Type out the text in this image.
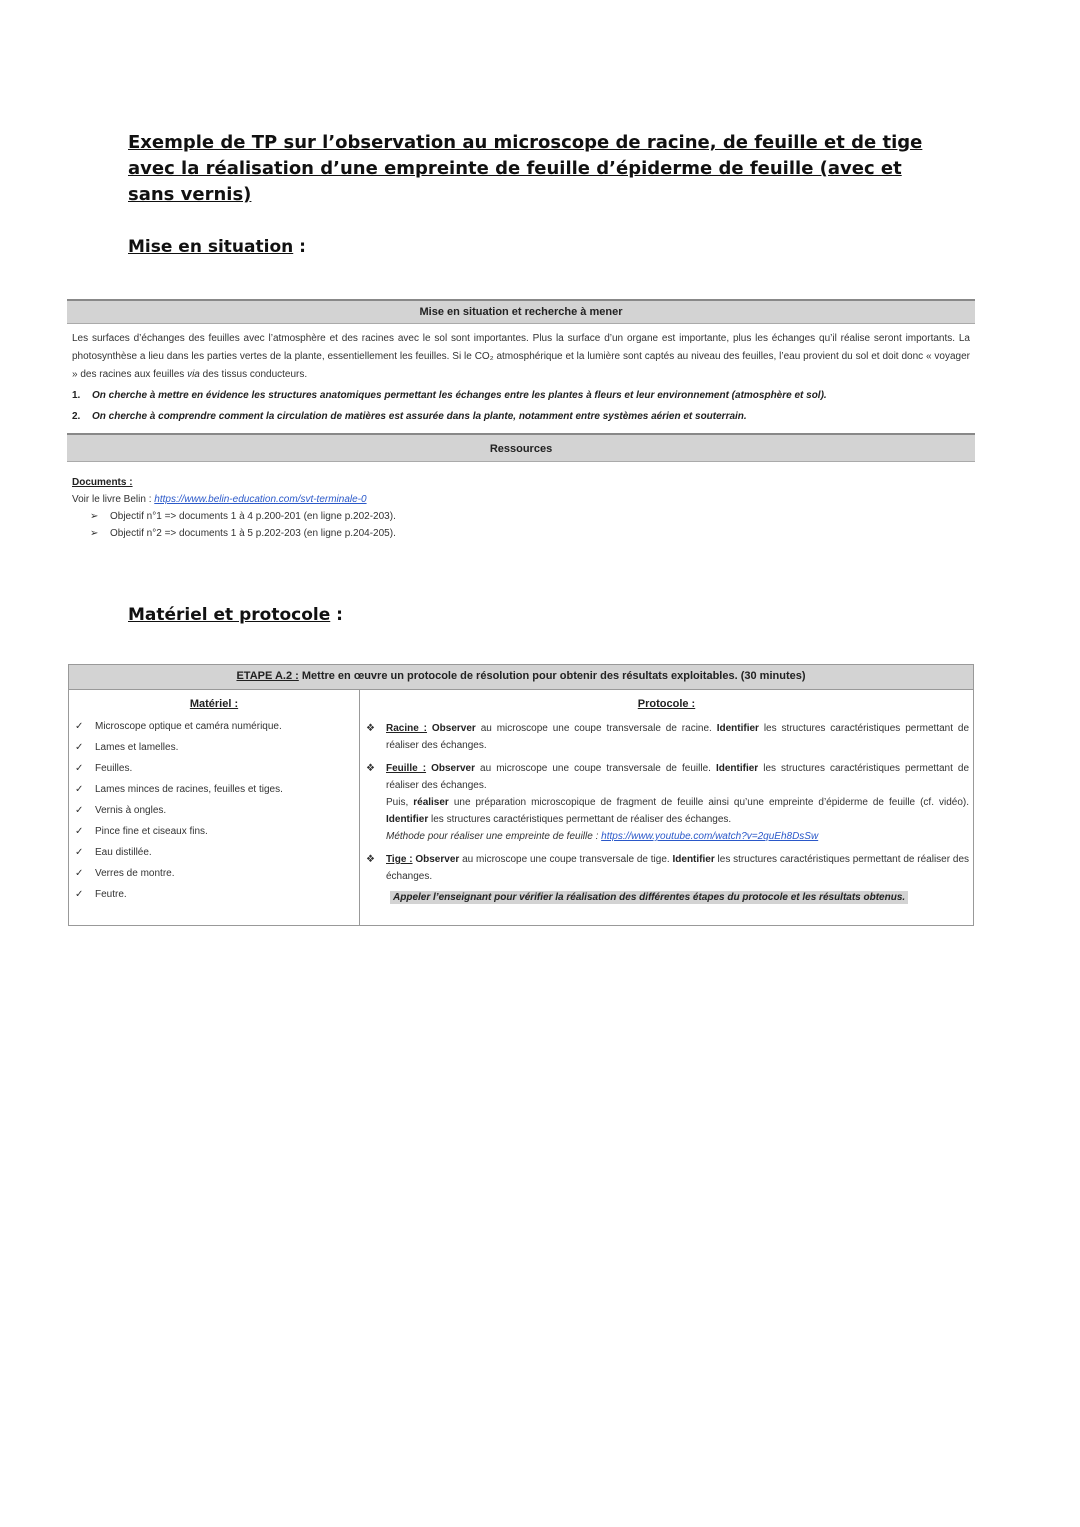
Exemple de TP sur l’observation au microscope de racine, de feuille et de tige avec la réalisation d’une empreinte de feuille d’épiderme de feuille (avec et sans vernis)
Mise en situation :
Mise en situation et recherche à mener
Les surfaces d’échanges des feuilles avec l’atmosphère et des racines avec le sol sont importantes. Plus la surface d’un organe est importante, plus les échanges qu’il réalise seront importants. La photosynthèse a lieu dans les parties vertes de la plante, essentiellement les feuilles. Si le CO₂ atmosphérique et la lumière sont captés au niveau des feuilles, l’eau provient du sol et doit donc « voyager » des racines aux feuilles via des tissus conducteurs.
1. On cherche à mettre en évidence les structures anatomiques permettant les échanges entre les plantes à fleurs et leur environnement (atmosphère et sol).
2. On cherche à comprendre comment la circulation de matières est assurée dans la plante, notamment entre systèmes aérien et souterrain.
Ressources
Documents :
Voir le livre Belin : https://www.belin-education.com/svt-terminale-0
➢ Objectif n°1 => documents 1 à 4 p.200-201 (en ligne p.202-203).
➢ Objectif n°2 => documents 1 à 5 p.202-203 (en ligne p.204-205).
Matériel et protocole :
ETAPE A.2 : Mettre en œuvre un protocole de résolution pour obtenir des résultats exploitables. (30 minutes)
Matériel :
✓ Microscope optique et caméra numérique.
✓ Lames et lamelles.
✓ Feuilles.
✓ Lames minces de racines, feuilles et tiges.
✓ Vernis à ongles.
✓ Pince fine et ciseaux fins.
✓ Eau distillée.
✓ Verres de montre.
✓ Feutre.
Protocole :
❖ Racine : Observer au microscope une coupe transversale de racine. Identifier les structures caractéristiques permettant de réaliser des échanges.
❖ Feuille : Observer au microscope une coupe transversale de feuille. Identifier les structures caractéristiques permettant de réaliser des échanges.
Puis, réaliser une préparation microscopique de fragment de feuille ainsi qu’une empreinte d’épiderme de feuille (cf. vidéo). Identifier les structures caractéristiques permettant de réaliser des échanges.
Méthode pour réaliser une empreinte de feuille : https://www.youtube.com/watch?v=2quEh8DsSw
❖ Tige : Observer au microscope une coupe transversale de tige. Identifier les structures caractéristiques permettant de réaliser des échanges.
Appeler l’enseignant pour vérifier la réalisation des différentes étapes du protocole et les résultats obtenus.
